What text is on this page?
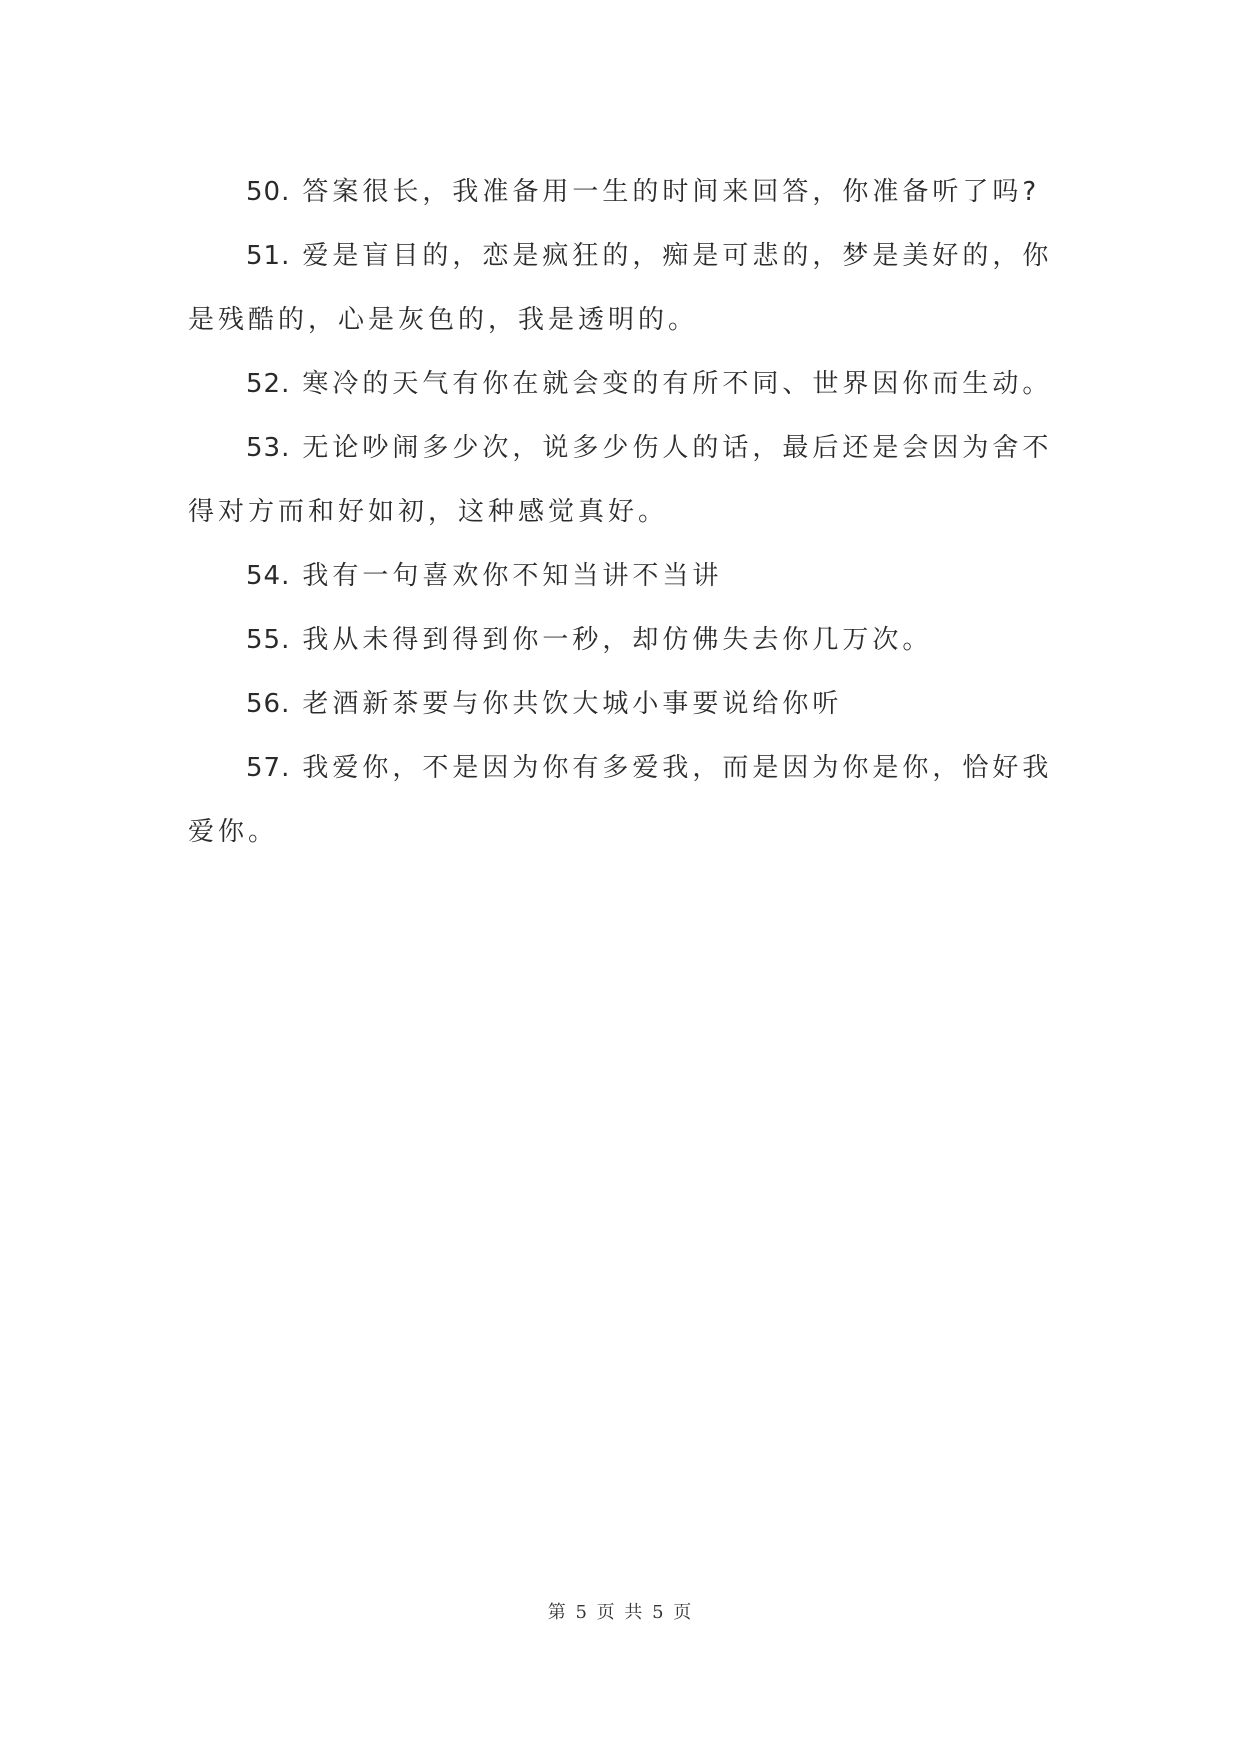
50. 答案很长，我准备用一生的时间来回答，你准备听了吗?

51. 爱是盲目的，恋是疯狂的，痴是可悲的，梦是美好的，你是残酷的，心是灰色的，我是透明的。

52. 寒冷的天气有你在就会变的有所不同、世界因你而生动。

53. 无论吵闹多少次，说多少伤人的话，最后还是会因为舍不得对方而和好如初，这种感觉真好。

54. 我有一句喜欢你不知当讲不当讲

55. 我从未得到得到你一秒，却仿佛失去你几万次。

56. 老酒新茶要与你共饮大城小事要说给你听

57. 我爱你，不是因为你有多爱我，而是因为你是你，恰好我爱你。

第 5 页 共 5 页
